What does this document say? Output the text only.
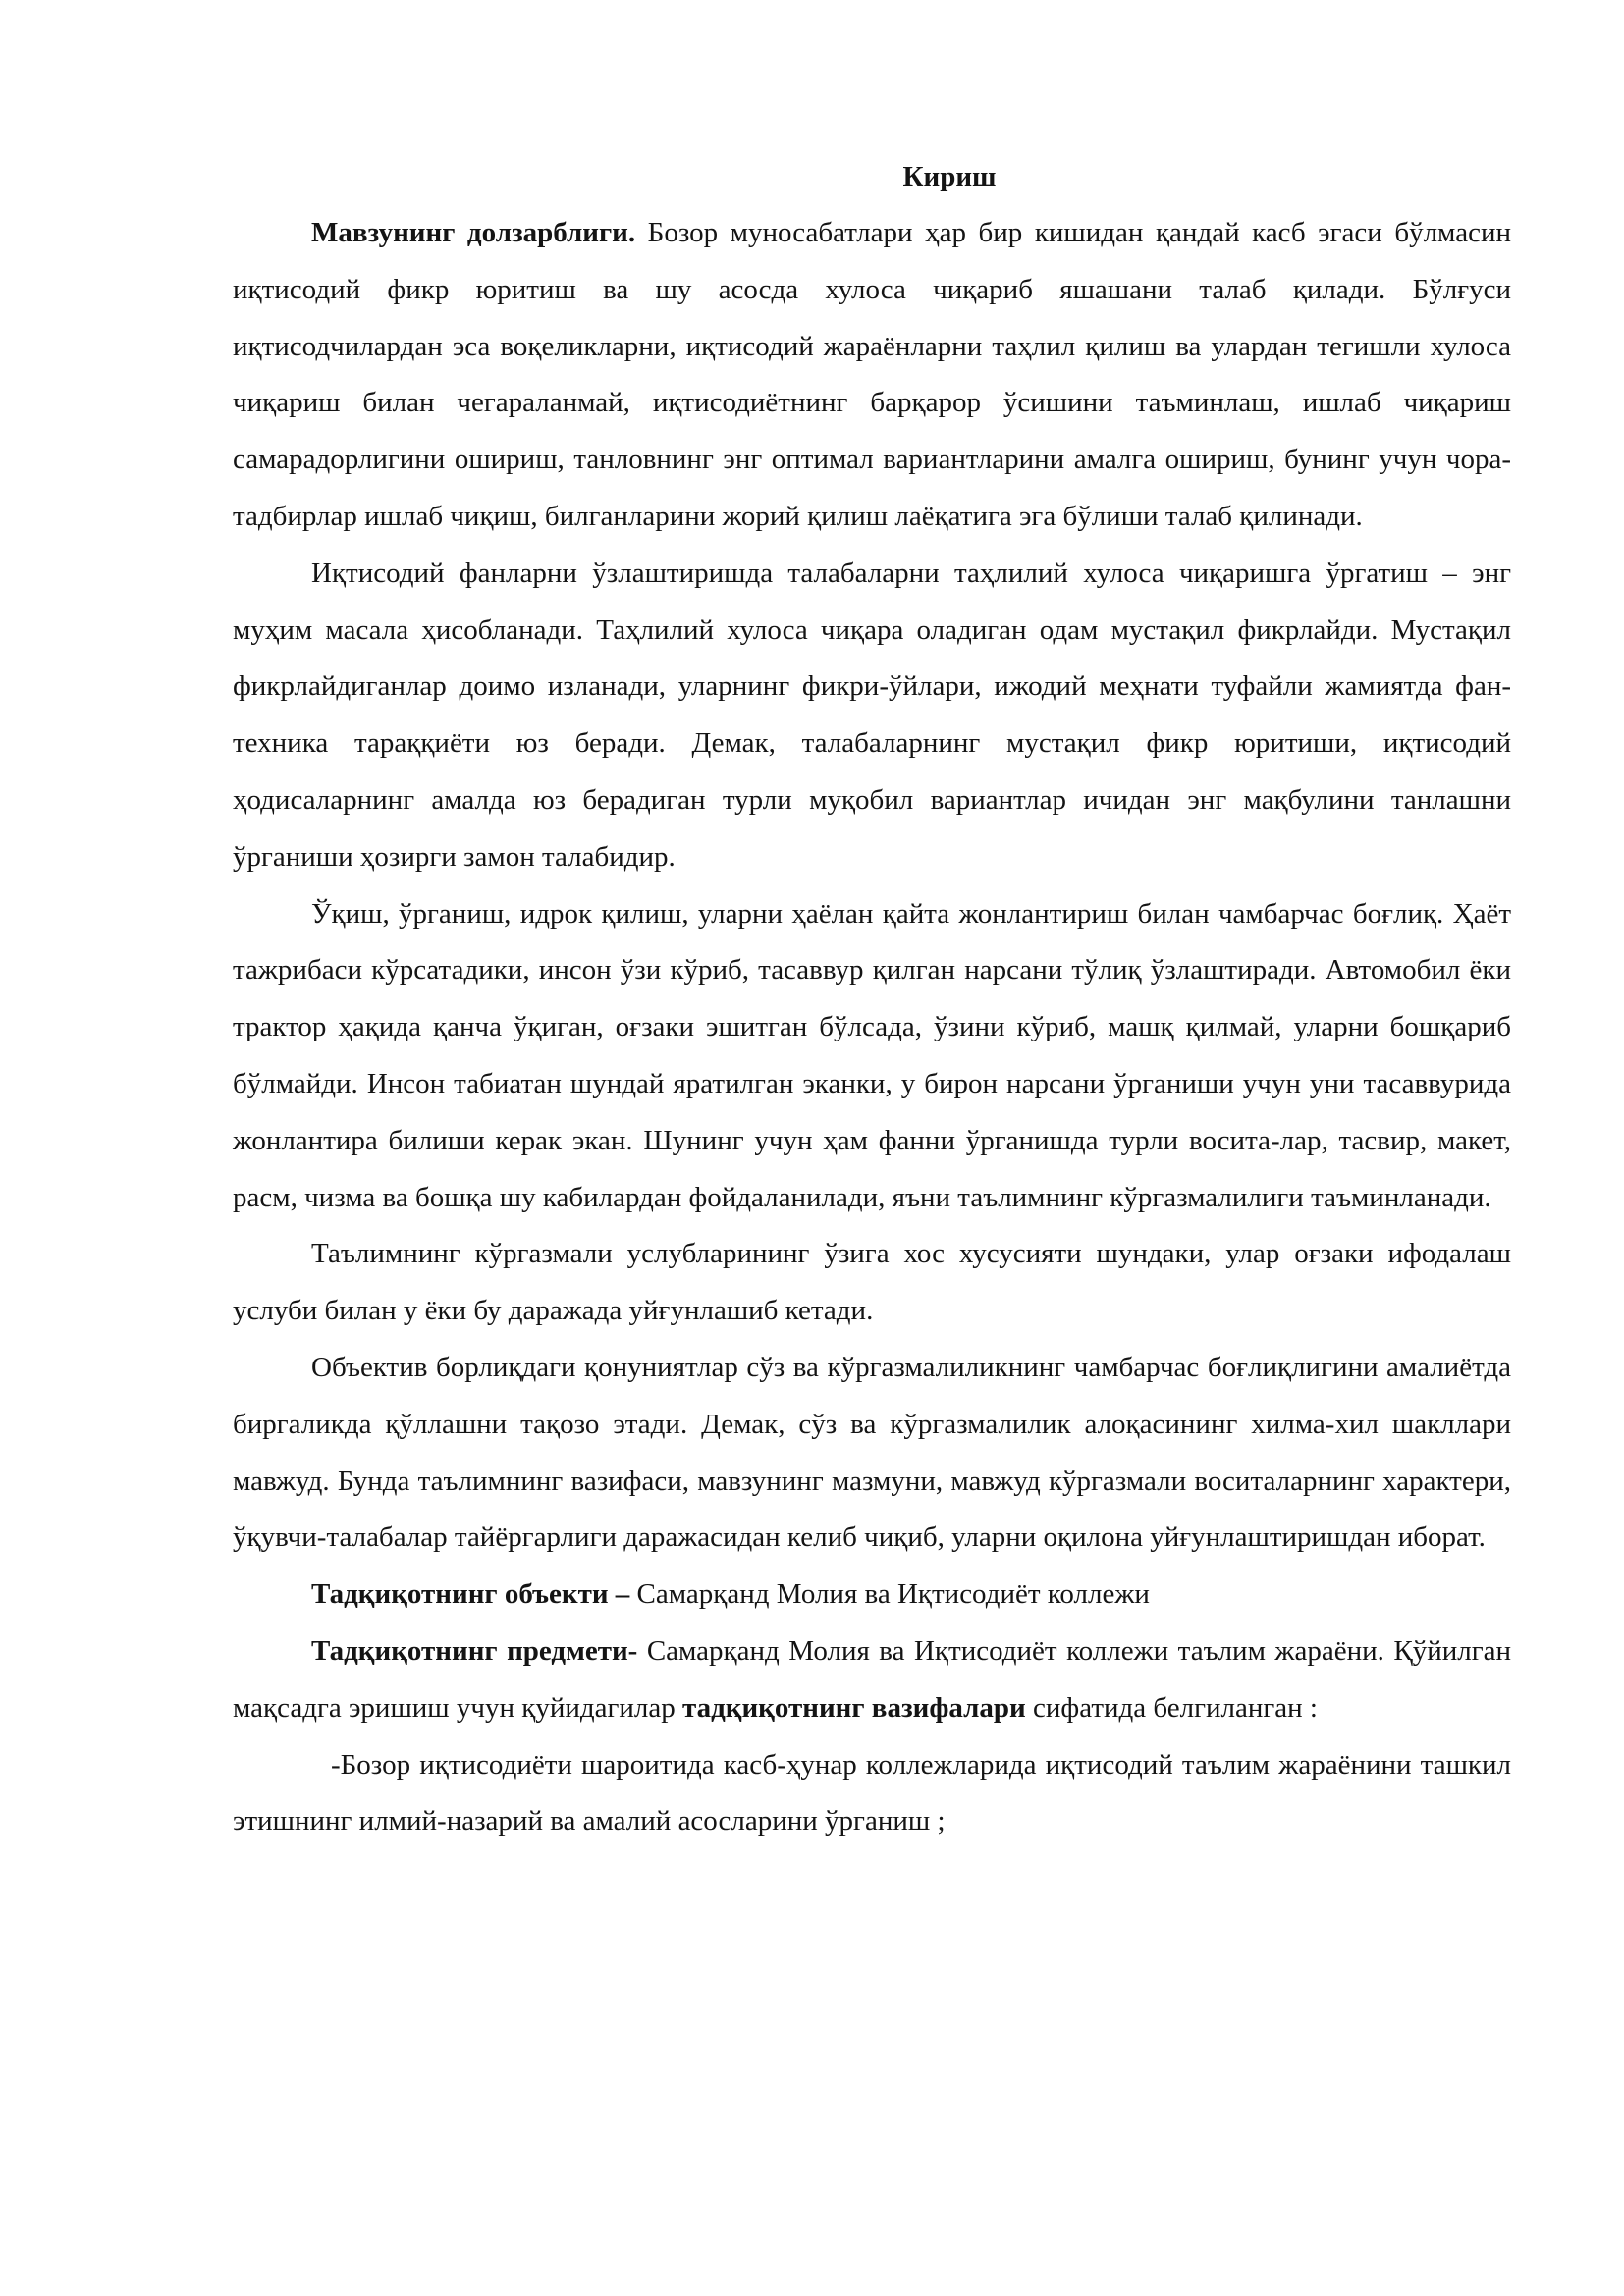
Кириш

Мавзунинг долзарблиги. Бозор муносабатлари ҳар бир кишидан қандай касб эгаси бўлмасин иқтисодий фикр юритиш ва шу асосда хулоса чиқариб яшашани талаб қилади. Бўлғуси иқтисодчилардан эса воқеликларни, иқтисодий жараёнларни таҳлил қилиш ва улардан тегишли хулоса чиқариш билан чегараланмай, иқтисодиётнинг барқарор ўсишини таъминлаш, ишлаб чиқариш самарадорлигини ошириш, танловнинг энг оптимал вариантларини амалга ошириш, бунинг учун чора-тадбирлар ишлаб чиқиш, билганларини жорий қилиш лаёқатига эга бўлиши талаб қилинади.

Иқтисодий фанларни ўзлаштиришда талабаларни таҳлилий хулоса чиқаришга ўргатиш – энг муҳим масала ҳисобланади. Таҳлилий хулоса чиқара оладиган одам мустақил фикрлайди. Мустақил фикрлайдиганлар доимо изланади, уларнинг фикри-ўйлари, ижодий меҳнати туфайли жамиятда фан-техника тараққиёти юз беради. Демак, талабаларнинг мустақил фикр юритиши, иқтисодий ҳодисаларнинг амалда юз берадиган турли муқобил вариантлар ичидан энг мақбулини танлашни ўрганиши ҳозирги замон талабидир.

Ўқиш, ўрганиш, идрок қилиш, уларни ҳаёлан қайта жонлантириш билан чамбарчас боғлиқ. Ҳаёт тажрибаси кўрсатадики, инсон ўзи кўриб, тасаввур қилган нарсани тўлиқ ўзлаштиради. Автомобил ёки трактор ҳақида қанча ўқиган, оғзаки эшитган бўлсада, ўзини кўриб, машқ қилмай, уларни бошқариб бўлмайди. Инсон табиатан шундай яратилган эканки, у бирон нарсани ўрганиши учун уни тасаввурида жонлантира билиши керак экан. Шунинг учун ҳам фанни ўрганишда турли восита-лар, тасвир, макет, расм, чизма ва бошқа шу кабилардан фойдаланилади, яъни таълимнинг кўргазмалилиги таъминланади.

Таълимнинг кўргазмали услубларининг ўзига хос хусусияти шундаки, улар оғзаки ифодалаш услуби билан у ёки бу даражада уйғунлашиб кетади.

Объектив борлиқдаги қонуниятлар сўз ва кўргазмалиликнинг чамбарчас боғлиқлигини амалиётда биргаликда қўллашни тақозо этади. Демак, сўз ва кўргазмалилик алоқасининг хилма-хил шакллари мавжуд. Бунда таълимнинг вазифаси, мавзунинг мазмуни, мавжуд кўргазмали воситаларнинг характери, ўқувчи-талабалар тайёргарлиги даражасидан келиб чиқиб, уларни оқилона уйғунлаштиришдан иборат.

Тадқиқотнинг объекти – Самарқанд Молия ва Иқтисодиёт коллежи

Тадқиқотнинг предмети- Самарқанд Молия ва Иқтисодиёт коллежи таълим жараёни. Қўйилган мақсадга эришиш учун қуйидагилар тадқиқотнинг вазифалари сифатида белгиланган :

-Бозор иқтисодиёти шароитида касб-ҳунар коллежларида иқтисодий таълим жараёнини ташкил этишнинг илмий-назарий ва амалий асосларини ўрганиш ;
